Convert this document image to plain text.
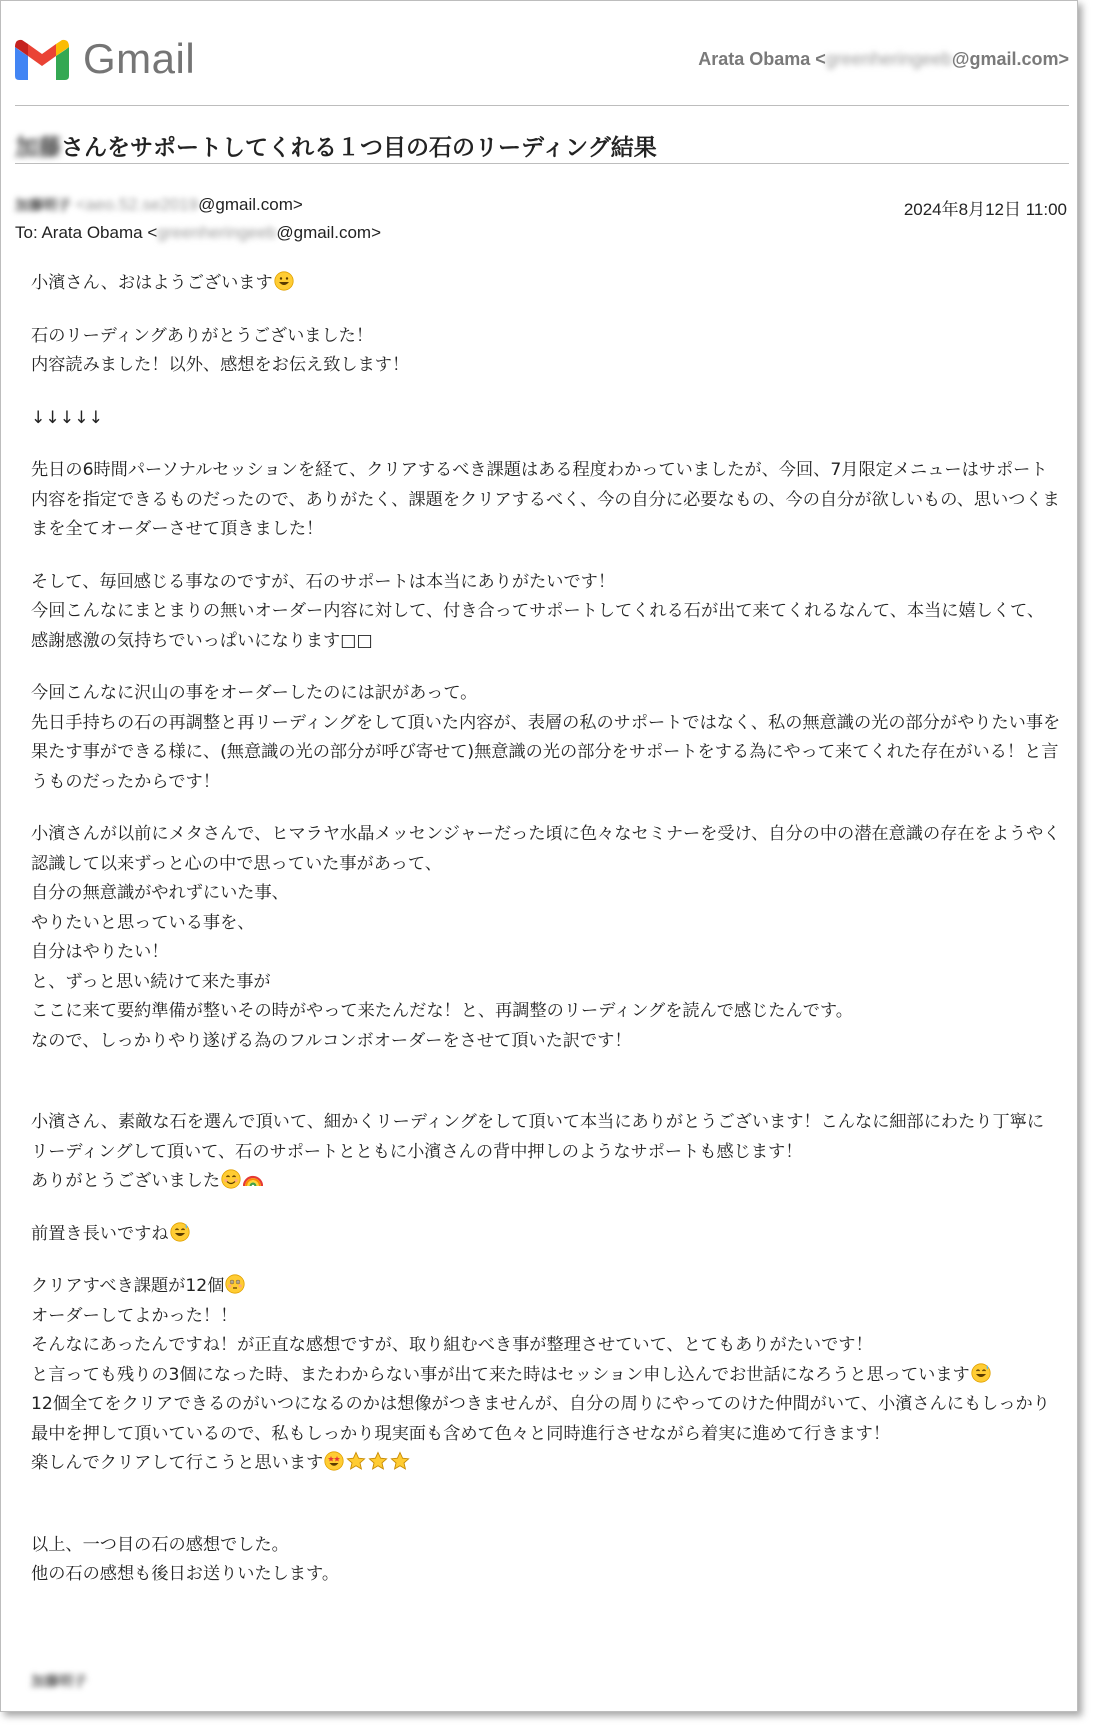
Gmail	Arata Obama <greenheringeeb@gmail.com>
加藤さんをサポートしてくれる１つ目の石のリーディング結果
加藤明子 <aeo.52.se2019@gmail.com>	2024年8月12日 11:00
To: Arata Obama <greenheringeeb@gmail.com>

小濱さん、おはようございます

石のリーディングありがとうございました！
内容読みました！以外、感想をお伝え致します！

↓↓↓↓↓

先日の6時間パーソナルセッションを経て、クリアするべき課題はある程度わかっていましたが、今回、7月限定メニューはサポート内容を指定できるものだったので、ありがたく、課題をクリアするべく、今の自分に必要なもの、今の自分が欲しいもの、思いつくままを全てオーダーさせて頂きました！

そして、毎回感じる事なのですが、石のサポートは本当にありがたいです！
今回こんなにまとまりの無いオーダー内容に対して、付き合ってサポートしてくれる石が出て来てくれるなんて、本当に嬉しくて、感謝感激の気持ちでいっぱいになります□□

今回こんなに沢山の事をオーダーしたのには訳があって。
先日手持ちの石の再調整と再リーディングをして頂いた内容が、表層の私のサポートではなく、私の無意識の光の部分がやりたい事を果たす事ができる様に、(無意識の光の部分が呼び寄せて)無意識の光の部分をサポートをする為にやって来てくれた存在がいる！と言うものだったからです！

小濱さんが以前にメタさんで、ヒマラヤ水晶メッセンジャーだった頃に色々なセミナーを受け、自分の中の潜在意識の存在をようやく認識して以来ずっと心の中で思っていた事があって、
自分の無意識がやれずにいた事、
やりたいと思っている事を、
自分はやりたい！
と、ずっと思い続けて来た事が
ここに来て要約準備が整いその時がやって来たんだな！と、再調整のリーディングを読んで感じたんです。
なので、しっかりやり遂げる為のフルコンボオーダーをさせて頂いた訳です！

小濱さん、素敵な石を選んで頂いて、細かくリーディングをして頂いて本当にありがとうございます！こんなに細部にわたり丁寧にリーディングして頂いて、石のサポートとともに小濱さんの背中押しのようなサポートも感じます！
ありがとうございました

前置き長いですね

クリアすべき課題が12個
オーダーしてよかった！！
そんなにあったんですね！が正直な感想ですが、取り組むべき事が整理させていて、とてもありがたいです！
と言っても残りの3個になった時、またわからない事が出て来た時はセッション申し込んでお世話になろうと思っています
12個全てをクリアできるのがいつになるのかは想像がつきませんが、自分の周りにやってのけた仲間がいて、小濱さんにもしっかり最中を押して頂いているので、私もしっかり現実面も含めて色々と同時進行させながら着実に進めて行きます！
楽しんでクリアして行こうと思います

以上、一つ目の石の感想でした。
他の石の感想も後日お送りいたします。

加藤明子
